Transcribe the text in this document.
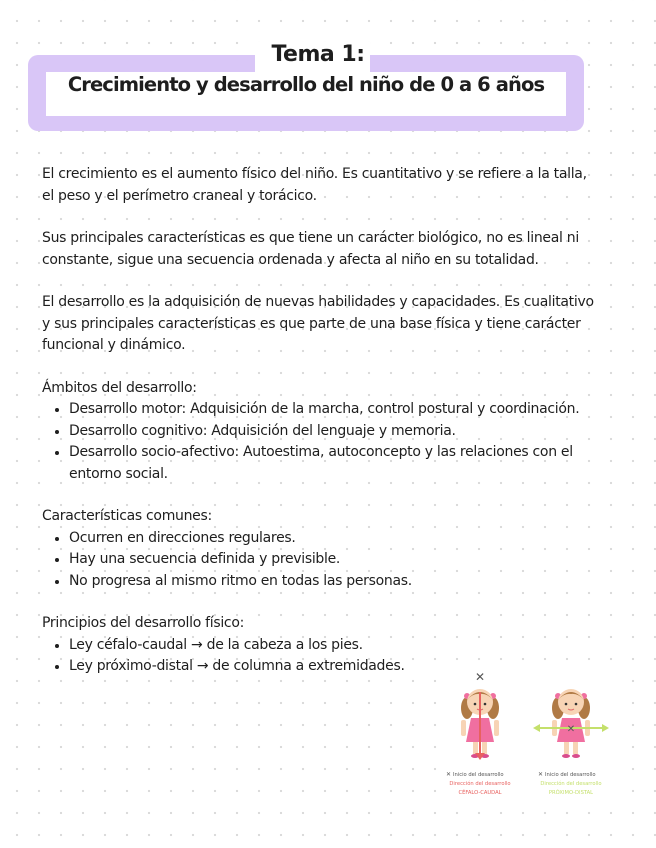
Tema 1:
Crecimiento y desarrollo del niño de 0 a 6 años

El crecimiento es el aumento físico del niño. Es cuantitativo y se refiere a la talla, el peso y el perímetro craneal y torácico.

Sus principales características es que tiene un carácter biológico, no es lineal ni constante, sigue una secuencia ordenada y afecta al niño en su totalidad.

El desarrollo es la adquisición de nuevas habilidades y capacidades. Es cualitativo y sus principales características es que parte de una base física y tiene carácter funcional y dinámico.

Ámbitos del desarrollo:

• Desarrollo motor: Adquisición de la marcha, control postural y coordinación.
• Desarrollo cognitivo: Adquisición del lenguaje y memoria.
• Desarrollo socio-afectivo: Autoestima, autoconcepto y las relaciones con el entorno social.

Características comunes:

• Ocurren en direcciones regulares.
• Hay una secuencia definida y previsible.
• No progresa al mismo ritmo en todas las personas.

Principios del desarrollo físico:

• Ley céfalo-caudal → de la cabeza a los pies.
• Ley próximo-distal → de columna a extremidades.
✕
✕
✕ Inicio del desarrollo
Dirección del desarrollo
CÉFALO-CAUDAL
✕ Inicio del desarrollo
Dirección del desarrollo
PRÓXIMO-DISTAL
